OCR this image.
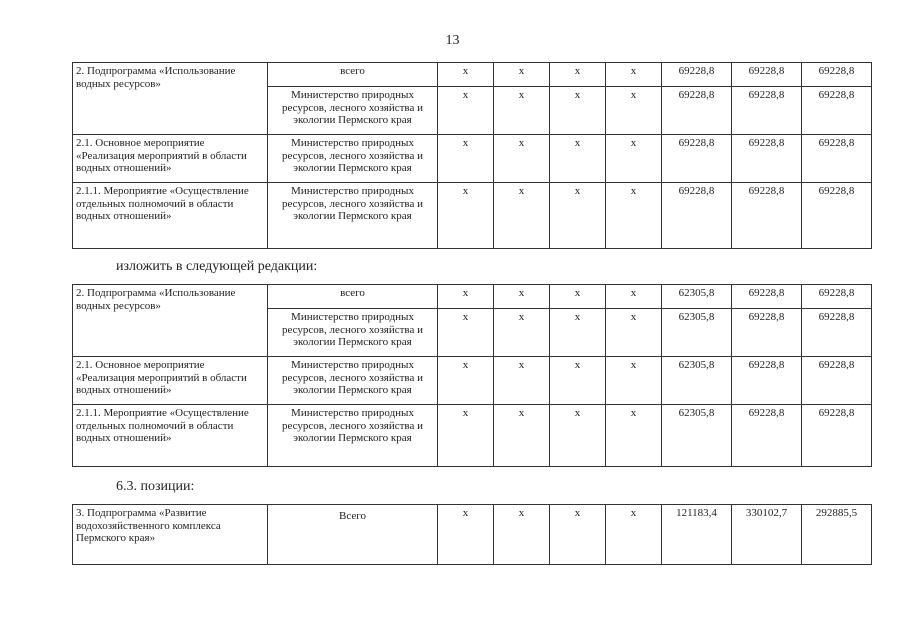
13
2. Подпрограмма «Использование водных ресурсов»	всего	x	x	x	x	69228,8	69228,8	69228,8
	Министерство природных ресурсов, лесного хозяйства и экологии Пермского края	x	x	x	x	69228,8	69228,8	69228,8
2.1. Основное мероприятие «Реализация мероприятий в области водных отношений»	Министерство природных ресурсов, лесного хозяйства и экологии Пермского края	x	x	x	x	69228,8	69228,8	69228,8
2.1.1. Мероприятие «Осуществление отдельных полномочий в области водных отношений»	Министерство природных ресурсов, лесного хозяйства и экологии Пермского края	x	x	x	x	69228,8	69228,8	69228,8
изложить в следующей редакции:
2. Подпрограмма «Использование водных ресурсов»	всего	x	x	x	x	62305,8	69228,8	69228,8
	Министерство природных ресурсов, лесного хозяйства и экологии Пермского края	x	x	x	x	62305,8	69228,8	69228,8
2.1. Основное мероприятие «Реализация мероприятий в области водных отношений»	Министерство природных ресурсов, лесного хозяйства и экологии Пермского края	x	x	x	x	62305,8	69228,8	69228,8
2.1.1. Мероприятие «Осуществление отдельных полномочий в области водных отношений»	Министерство природных ресурсов, лесного хозяйства и экологии Пермского края	x	x	x	x	62305,8	69228,8	69228,8
6.3. позиции:
3. Подпрограмма «Развитие водохозяйственного комплекса Пермского края»	Всего	x	x	x	x	121183,4	330102,7	292885,5
